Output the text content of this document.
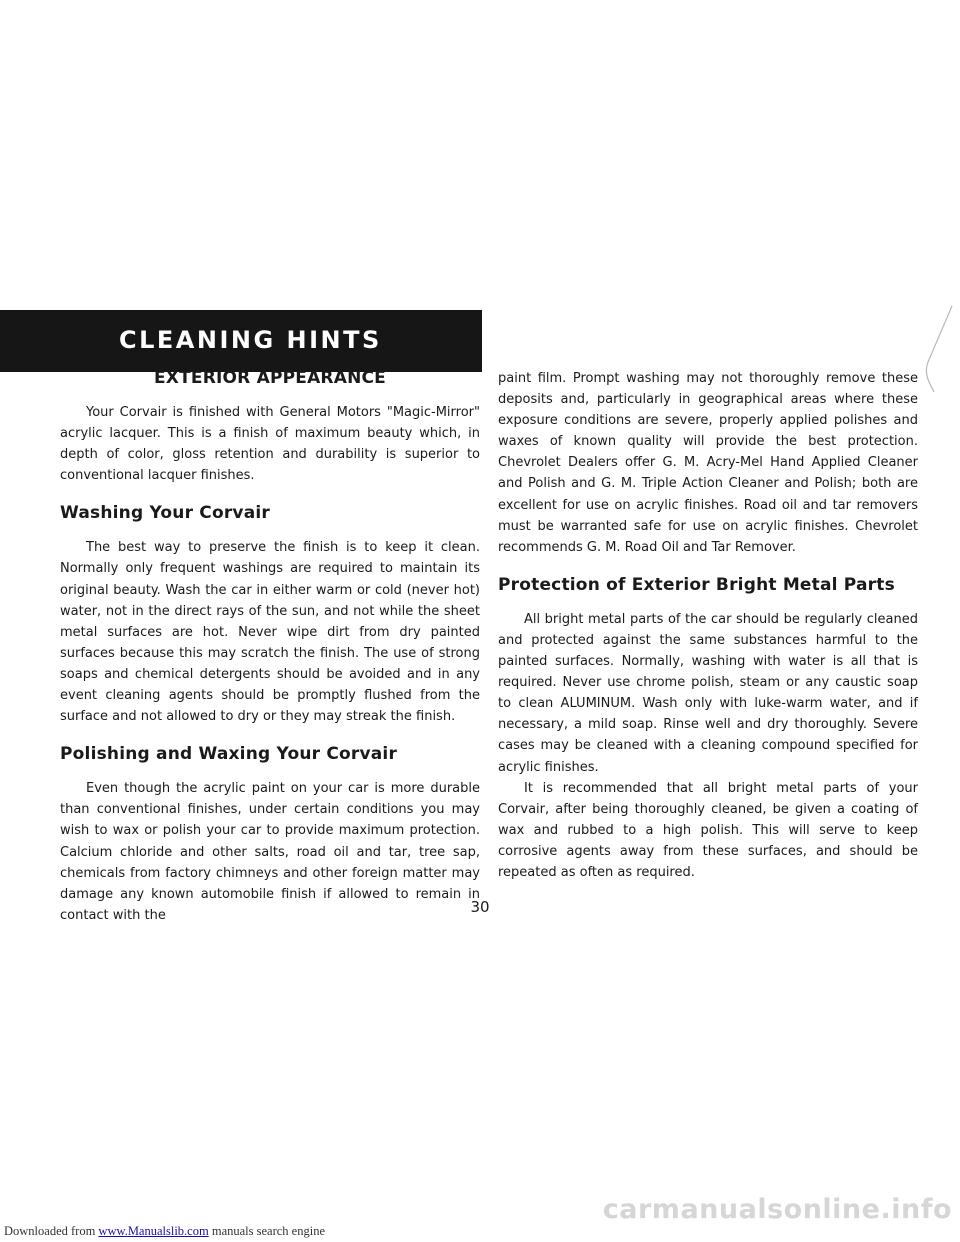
CLEANING HINTS
EXTERIOR APPEARANCE

Your Corvair is finished with General Motors "Magic-Mirror" acrylic lacquer. This is a finish of maximum beauty which, in depth of color, gloss retention and durability is superior to conventional lacquer finishes.

Washing Your Corvair

The best way to preserve the finish is to keep it clean. Normally only frequent washings are required to maintain its original beauty. Wash the car in either warm or cold (never hot) water, not in the direct rays of the sun, and not while the sheet metal surfaces are hot. Never wipe dirt from dry painted surfaces because this may scratch the finish. The use of strong soaps and chemical detergents should be avoided and in any event cleaning agents should be promptly flushed from the surface and not allowed to dry or they may streak the finish.

Polishing and Waxing Your Corvair

Even though the acrylic paint on your car is more durable than conventional finishes, under certain conditions you may wish to wax or polish your car to provide maximum protection. Calcium chloride and other salts, road oil and tar, tree sap, chemicals from factory chimneys and other foreign matter may damage any known automobile finish if allowed to remain in contact with the

paint film. Prompt washing may not thoroughly remove these deposits and, particularly in geographical areas where these exposure conditions are severe, properly applied polishes and waxes of known quality will provide the best protection. Chevrolet Dealers offer G. M. Acry-Mel Hand Applied Cleaner and Polish and G. M. Triple Action Cleaner and Polish; both are excellent for use on acrylic finishes. Road oil and tar removers must be warranted safe for use on acrylic finishes. Chevrolet recommends G. M. Road Oil and Tar Remover.

Protection of Exterior Bright Metal Parts

All bright metal parts of the car should be regularly cleaned and protected against the same substances harmful to the painted surfaces. Normally, washing with water is all that is required. Never use chrome polish, steam or any caustic soap to clean ALUMINUM. Wash only with luke-warm water, and if necessary, a mild soap. Rinse well and dry thoroughly. Severe cases may be cleaned with a cleaning compound specified for acrylic finishes.

It is recommended that all bright metal parts of your Corvair, after being thoroughly cleaned, be given a coating of wax and rubbed to a high polish. This will serve to keep corrosive agents away from these surfaces, and should be repeated as often as required.

30
Downloaded from www.Manualslib.com manuals search engine
carmanualsonline.info
